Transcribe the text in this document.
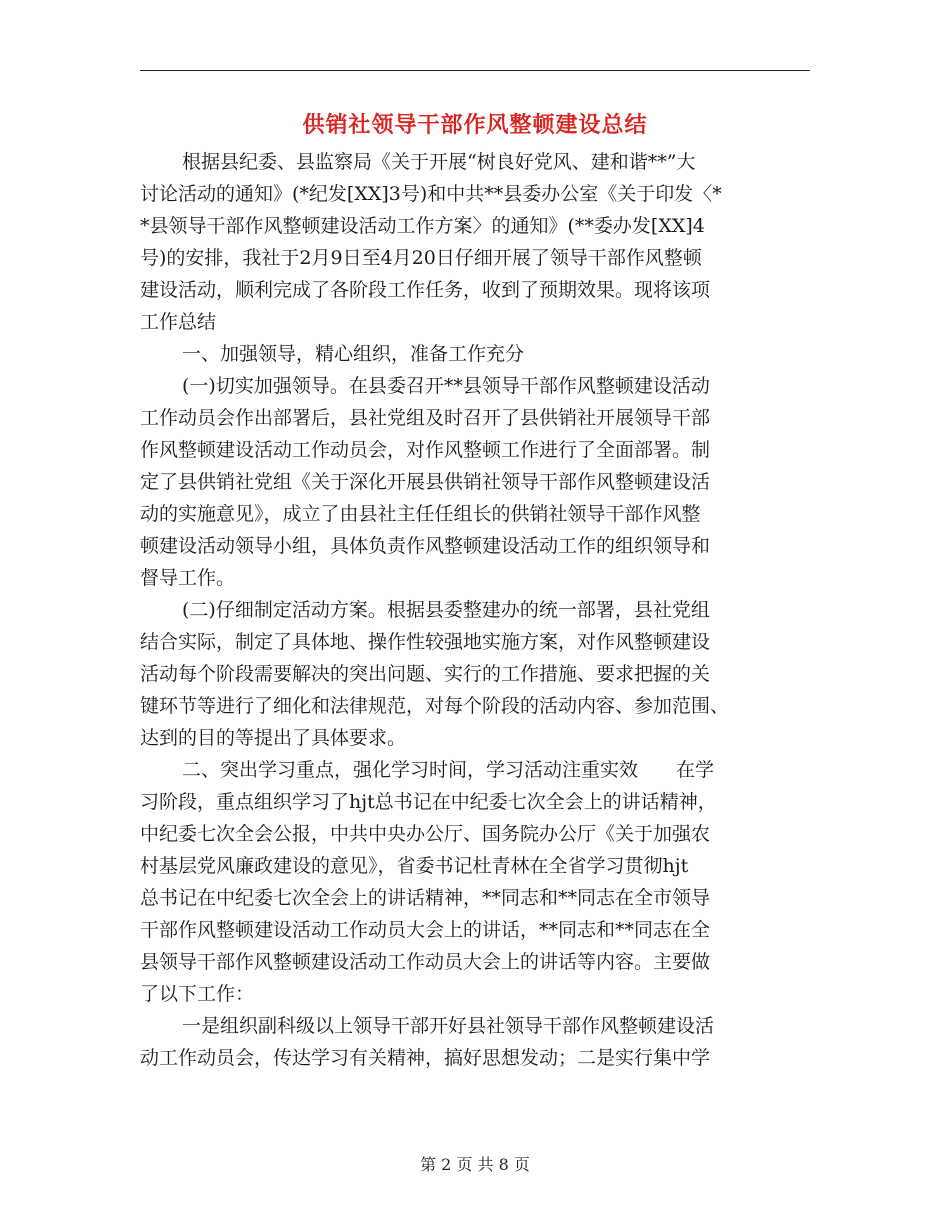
供销社领导干部作风整顿建设总结
根据县纪委、县监察局《关于开展“树良好党风、建和谐**”大
讨论活动的通知》(*纪发[XX]3号)和中共**县委办公室《关于印发〈*
*县领导干部作风整顿建设活动工作方案〉的通知》(**委办发[XX]4
号)的安排，我社于2月9日至4月20日仔细开展了领导干部作风整顿
建设活动，顺利完成了各阶段工作任务，收到了预期效果。现将该项
工作总结
一、加强领导，精心组织，准备工作充分
(一)切实加强领导。在县委召开**县领导干部作风整顿建设活动
工作动员会作出部署后，县社党组及时召开了县供销社开展领导干部
作风整顿建设活动工作动员会，对作风整顿工作进行了全面部署。制
定了县供销社党组《关于深化开展县供销社领导干部作风整顿建设活
动的实施意见》，成立了由县社主任任组长的供销社领导干部作风整
顿建设活动领导小组，具体负责作风整顿建设活动工作的组织领导和
督导工作。
(二)仔细制定活动方案。根据县委整建办的统一部署，县社党组
结合实际，制定了具体地、操作性较强地实施方案，对作风整顿建设
活动每个阶段需要解决的突出问题、实行的工作措施、要求把握的关
键环节等进行了细化和法律规范，对每个阶段的活动内容、参加范围、
达到的目的等提出了具体要求。
二、突出学习重点，强化学习时间，学习活动注重实效　　在学
习阶段，重点组织学习了hjt总书记在中纪委七次全会上的讲话精神，
中纪委七次全会公报，中共中央办公厅、国务院办公厅《关于加强农
村基层党风廉政建设的意见》，省委书记杜青林在全省学习贯彻hjt
总书记在中纪委七次全会上的讲话精神，**同志和**同志在全市领导
干部作风整顿建设活动工作动员大会上的讲话，**同志和**同志在全
县领导干部作风整顿建设活动工作动员大会上的讲话等内容。主要做
了以下工作：
一是组织副科级以上领导干部开好县社领导干部作风整顿建设活
动工作动员会，传达学习有关精神，搞好思想发动；二是实行集中学
第 2 页 共 8 页
